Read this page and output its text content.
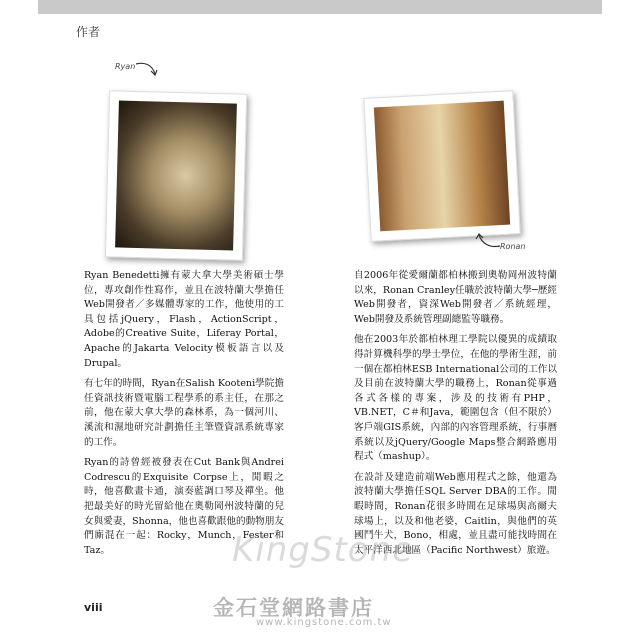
作者
Ryan
Ronan

Ryan Benedetti擁有蒙大拿大學美術碩士學位，專攻創作性寫作，並且在波特蘭大學擔任Web開發者／多媒體專家的工作，他使用的工具包括jQuery，Flash，ActionScript，Adobe的Creative Suite，Liferay Portal，Apache的Jakarta Velocity模板語言以及Drupal。

有七年的時間，Ryan在Salish Kooteni學院擔任資訊技術暨電腦工程學系的系主任，在那之前，他在蒙大拿大學的森林系，為一個河川、溪流和濕地研究計劃擔任主筆暨資訊系統專家的工作。

Ryan的詩曾經被發表在Cut Bank與Andrei Codrescu的Exquisite Corpse上，閒暇之時，他喜歡畫卡通，演奏藍調口琴及禪坐。他把最美好的時光留給他在奧勒岡州波特蘭的兒女與愛妻，Shonna，他也喜歡跟他的動物朋友們廝混在一起：Rocky，Munch，Fester和Taz。

自2006年從愛爾蘭都柏林搬到奧勒岡州波特蘭以來，Ronan Cranley任職於波特蘭大學─歷經Web開發者，資深Web開發者／系統經理，Web開發及系統管理副總監等職務。

他在2003年於都柏林理工學院以優異的成績取得計算機科學的學士學位，在他的學術生涯，前一個在都柏林ESB International公司的工作以及目前在波特蘭大學的職務上，Ronan從事過各式各樣的專案，涉及的技術有PHP，VB.NET，C＃和Java，範圍包含（但不限於）客戶端GIS系統，內部的內容管理系統，行事曆系統以及jQuery/Google Maps整合網路應用程式（mashup）。

在設計及建造前端Web應用程式之餘，他還為波特蘭大學擔任SQL Server DBA的工作。閒暇時間，Ronan花很多時間在足球場與高爾夫球場上，以及和他老婆，Caitlin，與他們的英國鬥牛犬，Bono，相處，並且盡可能找時間在太平洋西北地區（Pacific Northwest）旅遊。

viii
KingStone
金石堂網路書店
www.kingstone.com.tw
